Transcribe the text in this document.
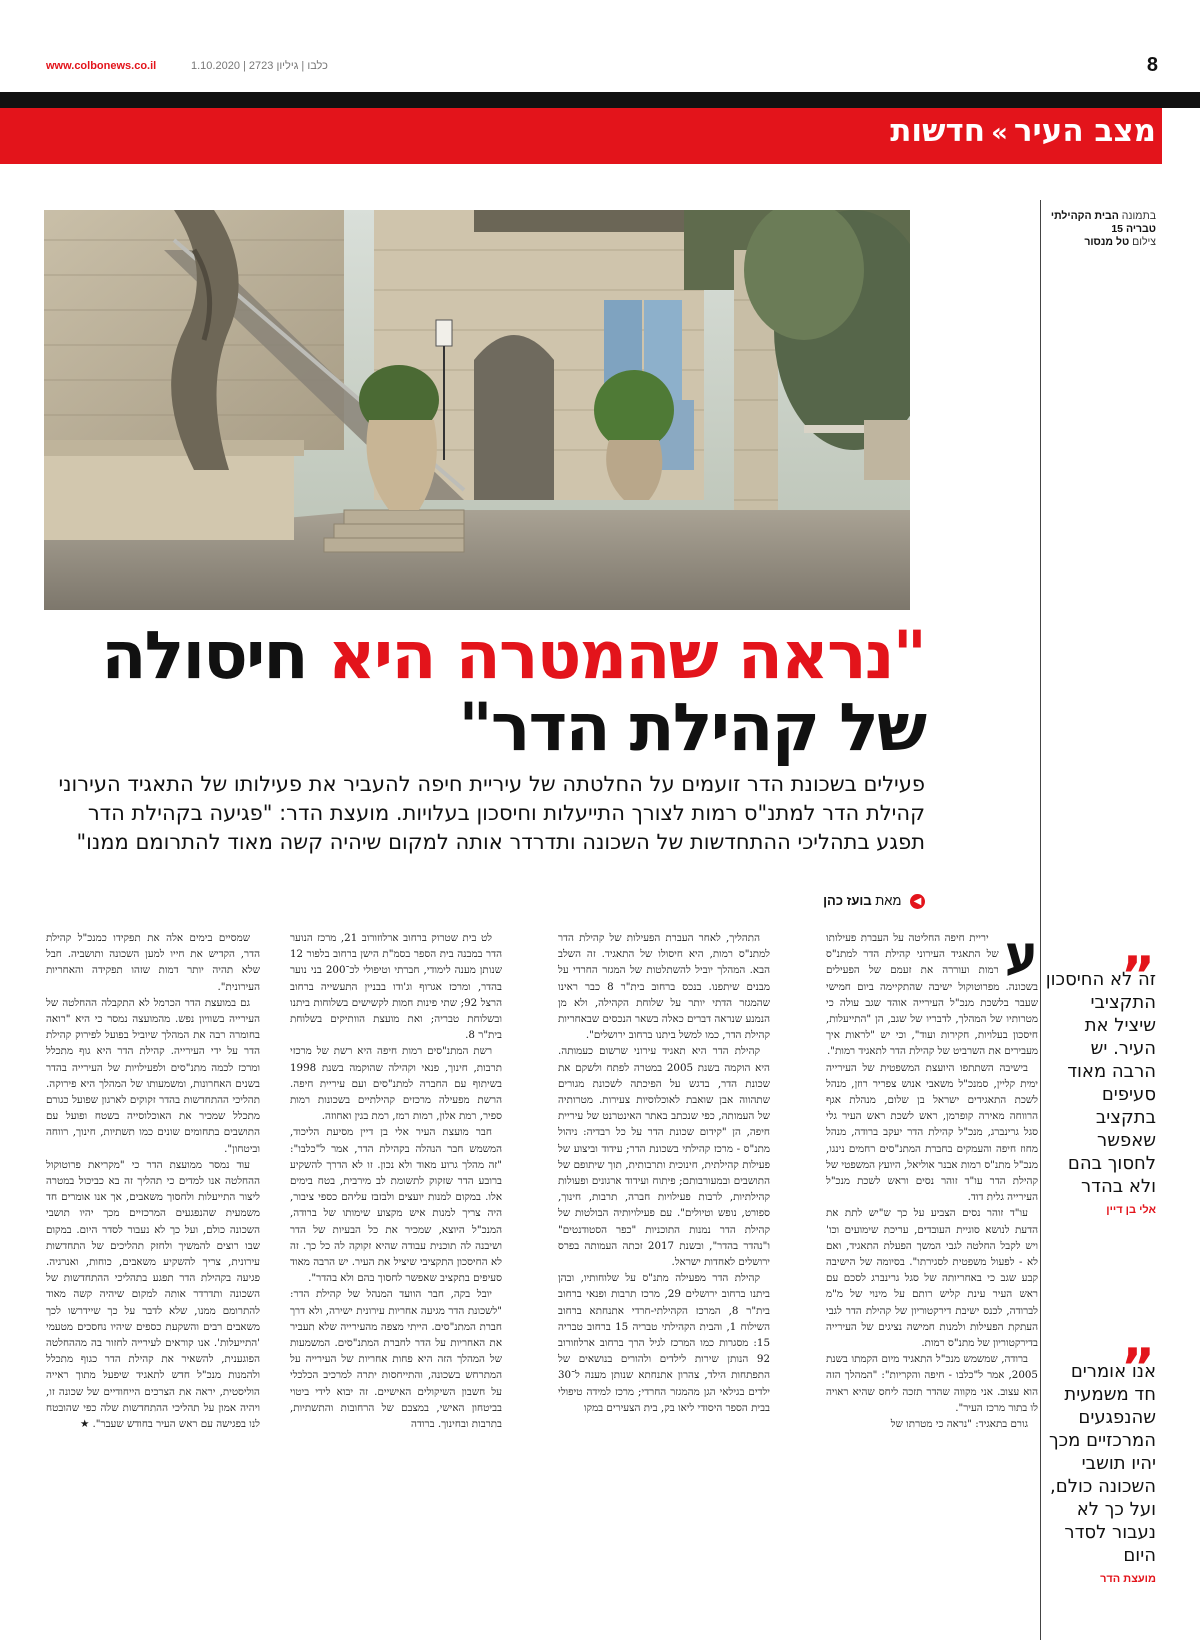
www.colbonews.co.il	כלבו | גיליון 2723 | 1.10.2020	8
מצב העיר»חדשות
בתמונה הבית הקהילתי טבריה 15
צילום טל מנסור
"נראה שהמטרה היא חיסולה
של קהילת הדר"
פעילים בשכונת הדר זועמים על החלטתה של עיריית חיפה להעביר את פעילותו של התאגיד העירוני קהילת הדר למתנ"ס רמות לצורך התייעלות וחיסכון בעלויות. מועצת הדר: "פגיעה בקהילת הדר תפגע בתהליכי ההתחדשות של השכונה ותדרדר אותה למקום שיהיה קשה מאוד להתרומם ממנו"
◀ מאת בועז כהן
„
זה לא החיסכון התקציבי שיציל את העיר. יש הרבה מאוד סעיפים בתקציב שאפשר לחסוך בהם ולא בהדר
אלי בן דיין
„
אנו אומרים חד משמעית שהנפגעים המרכזיים מכך יהיו תושבי השכונה כולם, ועל כך לא נעבור לסדר היום
מועצת הדר
ע

יריית חיפה החליטה על העברת פעילותו של התאגיד העירוני קהילת הדר למתנ"ס רמות ועוררה את זעמם של הפעילים בשכונה. מפרוטוקול ישיבה שהתקיימה ביום חמישי שעבר בלשכת מנכ"ל העירייה אוהד שגב עולה כי מטרותיו של המהלך, לדבריו של שגב, הן "התייעלות, חיסכון בעלויות, חקירות ועוד", וכי יש "לראות איך מעבירים את השרביט של קהילת הדר לתאגיד רמות".

בישיבה השתתפו היועצת המשפטית של העירייה ימית קליין, סמנכ"ל משאבי אנוש צפריר רוזן, מנהל לשכת התאגידים ישראל בן שלום, מנהלת אגף הרווחה מאירה קופרמן, ראש לשכת ראש העיר גלי סגל גרינברג, מנכ"ל קהילת הדר יעקב ברודה, מנהל מחוז חיפה והעמקים בחברת המתנ"סים רחמים נינגו, מנכ"ל מתנ"ס רמות אבנר אוליאל, היועץ המשפטי של קהילת הדר עו"ד זוהר נסים וראש לשכת מנכ"ל העירייה גלית דוד.

עו"ד זוהר נסים הצביע על כך ש"יש לתת את הדעת לנושא סוגיית העובדים, עריכת שימועים וכו' ויש לקבל החלטה לגבי המשך הפעלת התאגיד, ואם לא - לפעול משפטית לסגירתו". בסיומה של הישיבה קבע שגב כי באחריותה של סגל גרינברג לסכם עם ראש העיר עינת קליש רותם על מינוי של מ"מ לברודה, לכנס ישיבת דירקטוריון של קהילת הדר לגבי העתקת הפעילות ולמנות חמישה נציגים של העירייה בדירקטוריון של מתנ"ס רמות.

ברודה, שמשמש מנכ"ל התאגיד מיום הקמתו בשנת 2005, אמר ל"כלבו - חיפה והקריות": "המהלך הזה הוא עצוב. אני מקווה שהדר תזכה ליחס שהיא ראויה לו בתור מרכז העיר".

גורם בתאגיד: "נראה כי מטרתו של

התהליך, לאחר העברת הפעילות של קהילת הדר למתנ"ס רמות, היא חיסולו של התאגיד. זה השלב הבא. המהלך יוביל להשתלטות של המגזר החרדי על מבנים שיתפנו. בנכס ברחוב בית"ר 8 כבר ראינו שהמגזר הדתי יותר על שלוחת הקהילה, ולא מן הנמנע שנראה דברים כאלה בשאר הנכסים שבאחריות קהילת הדר, כמו למשל ביתנו ברחוב ירושלים".

קהילת הדר היא תאגיד עירוני שרשום כעמותה. היא הוקמה בשנת 2005 במטרה לפתח ולשקם את שכונת הדר, בדגש על הפיכתה לשכונת מגורים שתהווה אבן שואבת לאוכלוסיות צעירות. מטרותיה של העמותה, כפי שנכתב באתר האינטרנט של עיריית חיפה, הן "קידום שכונת הדר על כל רבדיה: ניהול מתנ"ס - מרכז קהילתי בשכונת הדר; עידוד וביצוע של פעילות קהילתית, חינוכית ותרבותית, תוך שיתופם של התושבים ובמעורבותם; פיתוח ועידוד ארגונים ופעולות קהילתיות, לרבות פעילויות חברה, תרבות, חינוך, ספורט, נופש וטיולים". עם פעילויותיה הבולטות של קהילת הדר נמנות התוכניות "כפר הסטודנטים" ו"נהדר בהדר", ובשנת 2017 זכתה העמותה בפרס ירושלים לאחדות ישראל.

קהילת הדר מפעילה מתנ"ס על שלוחותיו, ובהן ביתנו ברחוב ירושלים 29, מרכז תרבות ופנאי ברחוב בית"ר 8, המרכז הקהילתי-חרדי אתנחתא ברחוב השילוח 1, והבית הקהילתי טבריה 15 ברחוב טבריה 15: מסגרות כמו המרכז לגיל הרך ברחוב ארלוזורוב 92 הנותן שירות לילדים ולהורים בנושאים של התפתחות הילד, צהרון אתנחתא שנותן מענה ל־30 ילדים בגילאי הגן מהמגזר החרדי; מרכז למידה טיפולי בבית הספר היסודי ליאו בק, בית הצעירים במקו

לט בית שטרוק ברחוב ארלוזורוב 21, מרכז הנוער הדר במבנה בית הספר בסמ"ת הישן ברחוב בלפור 12 שנותן מענה לימודי, חברתי וטיפולי לכ־200 בני נוער בהדר, ומרכז אגרוף וג'ודו בבניין התעשייה ברחוב הרצל 92; שתי פינות חמות לקשישים בשלוחות ביתנו ובשלוחת טבריה; ואת מועצת הוותיקים בשלוחת בית"ר 8.

רשת המתנ"סים רמות חיפה היא רשת של מרכזי תרבות, חינוך, פנאי וקהילה שהוקמה בשנת 1998 בשיתוף עם החברה למתנ"סים ועם עיריית חיפה. הרשת מפעילה מרכזים קהילתיים בשכונות רמות ספיר, רמת אלון, רמות רמז, רמת בגין ואחוזה.

חבר מועצת העיר אלי בן דיין מסיעת הליכוד, המשמש חבר הנהלה בקהילת הדר, אמר ל"כלבו": "זה מהלך גרוע מאוד ולא נכון. זו לא הדרך להשקיע ברובע הדר שזקוק לתשומת לב מירבית, בטח בימים אלו. במקום למנות יועצים ולבזבז עליהם כספי ציבור, היה צריך למנות איש מקצוע שימותו של ברודה, המנכ"ל היוצא, שמכיר את כל הבעיות של הדר ושיבנה לה תוכנית עבודה שהיא זקוקה לה כל כך. זה לא החיסכון התקציבי שיציל את העיר. יש הרבה מאוד סעיפים בתקציב שאפשר לחסוך בהם ולא בהדר".

יובל בקה, חבר הוועד המנהל של קהילת הדר: "לשכונת הדר מגיעה אחריות עירונית ישירה, ולא דרך חברת המתנ"סים. הייתי מצפה מהעירייה שלא תעביר את האחריות על הדר לחברת המתנ"סים. המשמעות של המהלך הזה היא פחות אחריות של העירייה על המתרחש בשכונה, והתייחסות יתרה למרכיב הכלכלי על חשבון השיקולים האישיים. זה יבוא לידי ביטוי בביטחון האישי, במצבם של הרחובות והתשתיות, בתרבות ובחינוך. ברודה

שמסיים בימים אלה את תפקידו כמנכ"ל קהילת הדר, הקדיש את חייו למען השכונה ותושביה. חבל שלא תהיה יותר דמות שזהו תפקידה והאחריות העירונית".

גם במועצת הדר הכרמל לא התקבלה ההחלטה של העירייה בשוויון נפש. מהמועצה נמסר כי היא "רואה בחומרה רבה את המהלך שיוביל בפועל לפירוק קהילת הדר על ידי העירייה. קהילת הדר היא גוף מתכלל ומרכז לכמה מתנ"סים ולפעילויות של העירייה בהדר בשנים האחרונות, ומשמעותו של המהלך היא פירוקה. תהליכי ההתחדשות בהדר זקוקים לארגון שפועל כגורם מתכלל שמכיר את האוכלוסייה בשטח ופועל עם התושבים בתחומים שונים כמו תשתיות, חינוך, רווחה וביטחון".

עוד נמסר ממועצת הדר כי "מקריאת פרוטוקול ההחלטה אנו למדים כי תהליך זה בא כביכול במטרה ליצור התייעלות ולחסוך משאבים, אך אנו אומרים חד משמעית שהנפגעים המרכזיים מכך יהיו תושבי השכונה כולם, ועל כך לא נעבור לסדר היום. במקום שבו רוצים להמשיך ולחזק תהליכים של התחדשות עירונית, צריך להשקיע משאבים, כוחות, ואנרגיה. פגיעה בקהילת הדר תפגע בתהליכי ההתחדשות של השכונה ותדרדר אותה למקום שיהיה קשה מאוד להתרומם ממנו, שלא לדבר על כך שיידרשו לכך משאבים רבים והשקעת כספים שיהיו נחסכים מטעמי 'התייעלות'. אנו קוראים לעירייה לחזור בה מההחלטה הפוגענית, להשאיר את קהילת הדר כגוף מתכלל ולהמנות מנכ"ל חדש לתאגיד שיפעל מתוך ראייה הוליסטית, יראה את הצרכים הייחודיים של שכונה זו, ויהיה אמון על תהליכי ההתחדשות שלה כפי שהובטח לנו בפגישה עם ראש העיר בחודש שעבר". ★
